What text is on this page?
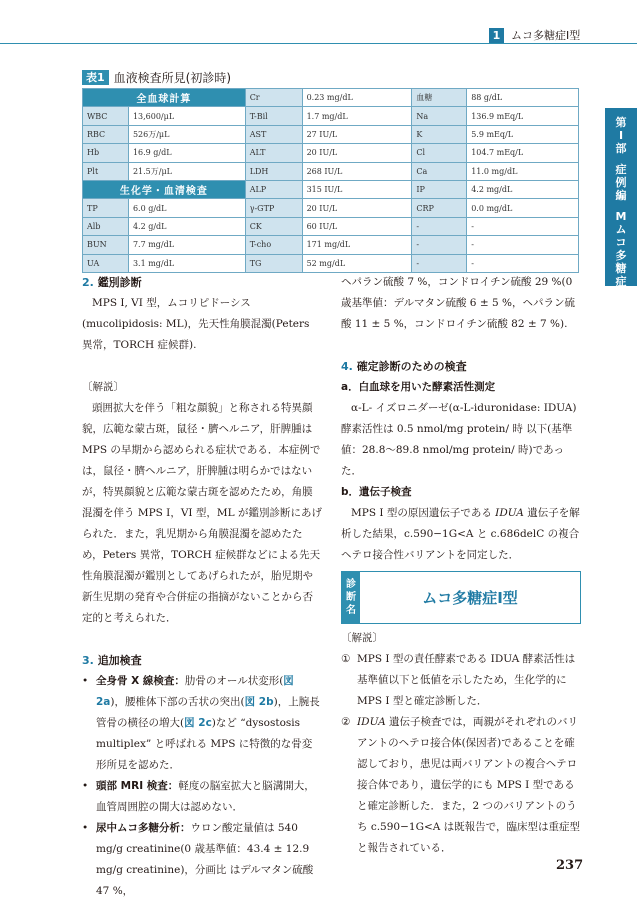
1 ムコ多糖症I型
第
I
部
症
例
編
M
ム
コ
多
糖
症
表1 血液検査所見(初診時)
全血球計算		Cr	0.23 mg/dL	血糖	88 g/dL
WBC	13,600/μL	T-Bil	1.7 mg/dL	Na	136.9 mEq/L
RBC	526万/μL	AST	27 IU/L	K	5.9 mEq/L
Hb	16.9 g/dL	ALT	20 IU/L	Cl	104.7 mEq/L
Plt	21.5万/μL	LDH	268 IU/L	Ca	11.0 mg/dL
生化学・血清検査		ALP	315 IU/L	IP	4.2 mg/dL
TP	6.0 g/dL	γ-GTP	20 IU/L	CRP	0.0 mg/dL
Alb	4.2 g/dL	CK	60 IU/L	-	-
BUN	7.7 mg/dL	T-cho	171 mg/dL	-	-
UA	3.1 mg/dL	TG	52 mg/dL	-	-

2. 鑑別診断

MPS I, VI 型，ムコリピドーシス(mucolipidosis: ML)，先天性角膜混濁(Peters 異常，TORCH 症候群).

〔解説〕

頭囲拡大を伴う「粗な顔貌」と称される特異顔貌，広範な蒙古斑，鼠径・臍ヘルニア，肝脾腫は MPS の早期から認められる症状である．本症例では，鼠径・臍ヘルニア，肝脾腫は明らかではないが，特異顔貌と広範な蒙古斑を認めたため，角膜混濁を伴う MPS I，VI 型，ML が鑑別診断にあげられた．また，乳児期から角膜混濁を認めたため，Peters 異常，TORCH 症候群などによる先天性角膜混濁が鑑別としてあげられたが，胎児期や新生児期の発育や合併症の指摘がないことから否定的と考えられた．

3. 追加検査

• 全身骨 X 線検査：肋骨のオール状変形(図 2a)，腰椎体下部の舌状の突出(図 2b)，上腕長管骨の横径の増大(図 2c)など “dysostosis multiplex” と呼ばれる MPS に特徴的な骨変形所見を認めた．
• 頭部 MRI 検査：軽度の脳室拡大と脳溝開大，血管周囲腔の開大は認めない．
• 尿中ムコ多糖分析：ウロン酸定量値は 540 mg/g creatinine(0 歳基準値：43.4 ± 12.9 mg/g creatinine)，分画比 はデルマタン硫酸 47 %，

ヘパラン硫酸 7 %，コンドロイチン硫酸 29 %(0 歳基準値：デルマタン硫酸 6 ± 5 %，ヘパラン硫酸 11 ± 5 %，コンドロイチン硫酸 82 ± 7 %).

4. 確定診断のための検査

a．白血球を用いた酵素活性測定

α-L- イズロニダーゼ(α-L-iduronidase: IDUA)酵素活性は 0.5 nmol/mg protein/ 時 以下(基準値：28.8〜89.8 nmol/mg protein/ 時)であった．

b．遺伝子検査

MPS I 型の原因遺伝子である IDUA 遺伝子を解析した結果，c.590−1G<A と c.686delC の複合ヘテロ接合性バリアントを同定した．

診
断
名
ムコ多糖症I型

〔解説〕

① MPS I 型の責任酵素である IDUA 酵素活性は基準値以下と低値を示したため，生化学的に MPS I 型と確定診断した．
② IDUA 遺伝子検査では，両親がそれぞれのバリアントのヘテロ接合体(保因者)であることを確認しており，患児は両バリアントの複合ヘテロ接合体であり，遺伝学的にも MPS I 型であると確定診断した．また，2 つのバリアントのうち c.590−1G<A は既報告で，臨床型は重症型と報告されている．
237
